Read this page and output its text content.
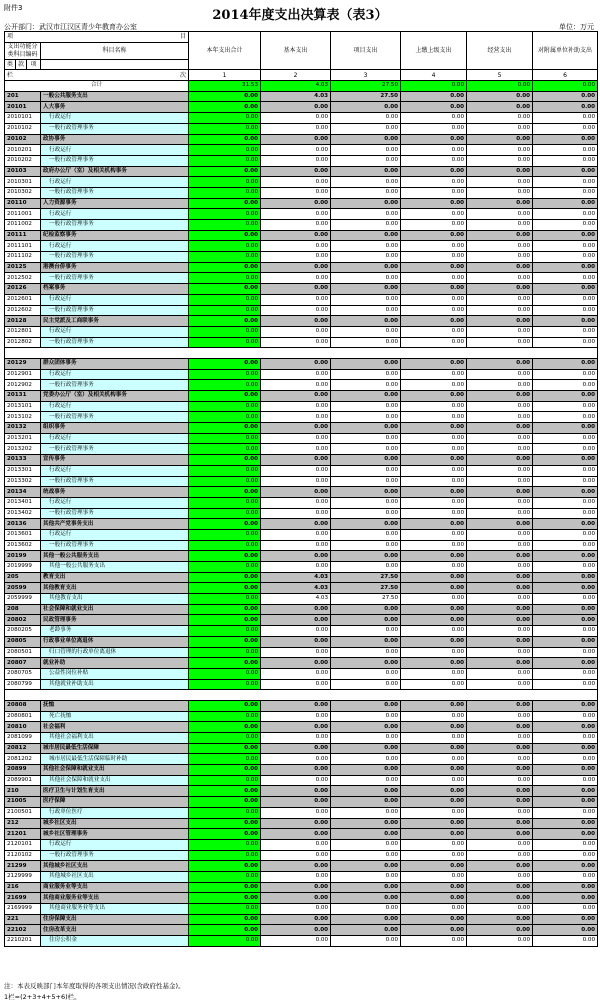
附件3	2014年度支出决算表（表3）
公开部门：武汉市江汉区青少年教育办公室	单位：万元
项 目				本年支出合计	基本支出	项目支出	上缴上级支出	经营支出	对附属单位补助支出
支出功能分类科目编码			科目名称						

类	款	项							
栏 次				1	2	3	4	5	6
合计				31.53	4.03	27.50	0.00	0.00	0.00
201			一般公共服务支出	0.00	4.03	27.50	0.00	0.00	0.00
20101			人大事务	0.00	0.00	0.00	0.00	0.00	0.00
2010101			行政运行	0.00	0.00	0.00	0.00	0.00	0.00
2010102			一般行政管理事务	0.00	0.00	0.00	0.00	0.00	0.00
20102			政协事务	0.00	0.00	0.00	0.00	0.00	0.00
2010201			行政运行	0.00	0.00	0.00	0.00	0.00	0.00
2010202			一般行政管理事务	0.00	0.00	0.00	0.00	0.00	0.00
20103			政府办公厅（室）及相关机构事务	0.00	0.00	0.00	0.00	0.00	0.00
2010301			行政运行	0.00	0.00	0.00	0.00	0.00	0.00
2010302			一般行政管理事务	0.00	0.00	0.00	0.00	0.00	0.00
20110			人力资源事务	0.00	0.00	0.00	0.00	0.00	0.00
2011001			行政运行	0.00	0.00	0.00	0.00	0.00	0.00
2011002			一般行政管理事务	0.00	0.00	0.00	0.00	0.00	0.00
20111			纪检监察事务	0.00	0.00	0.00	0.00	0.00	0.00
2011101			行政运行	0.00	0.00	0.00	0.00	0.00	0.00
2011102			一般行政管理事务	0.00	0.00	0.00	0.00	0.00	0.00
20125			港澳台侨事务	0.00	0.00	0.00	0.00	0.00	0.00
2012502			一般行政管理事务	0.00	0.00	0.00	0.00	0.00	0.00
20126			档案事务	0.00	0.00	0.00	0.00	0.00	0.00
2012601			行政运行	0.00	0.00	0.00	0.00	0.00	0.00
2012602			一般行政管理事务	0.00	0.00	0.00	0.00	0.00	0.00
20128			民主党派及工商联事务	0.00	0.00	0.00	0.00	0.00	0.00
2012801			行政运行	0.00	0.00	0.00	0.00	0.00	0.00
2012802			一般行政管理事务	0.00	0.00	0.00	0.00	0.00	0.00

20129			群众团体事务	0.00	0.00	0.00	0.00	0.00	0.00
2012901			行政运行	0.00	0.00	0.00	0.00	0.00	0.00
2012902			一般行政管理事务	0.00	0.00	0.00	0.00	0.00	0.00
20131			党委办公厅（室）及相关机构事务	0.00	0.00	0.00	0.00	0.00	0.00
2013101			行政运行	0.00	0.00	0.00	0.00	0.00	0.00
2013102			一般行政管理事务	0.00	0.00	0.00	0.00	0.00	0.00
20132			组织事务	0.00	0.00	0.00	0.00	0.00	0.00
2013201			行政运行	0.00	0.00	0.00	0.00	0.00	0.00
2013202			一般行政管理事务	0.00	0.00	0.00	0.00	0.00	0.00
20133			宣传事务	0.00	0.00	0.00	0.00	0.00	0.00
2013301			行政运行	0.00	0.00	0.00	0.00	0.00	0.00
2013302			一般行政管理事务	0.00	0.00	0.00	0.00	0.00	0.00
20134			统战事务	0.00	0.00	0.00	0.00	0.00	0.00
2013401			行政运行	0.00	0.00	0.00	0.00	0.00	0.00
2013402			一般行政管理事务	0.00	0.00	0.00	0.00	0.00	0.00
20136			其他共产党事务支出	0.00	0.00	0.00	0.00	0.00	0.00
2013601			行政运行	0.00	0.00	0.00	0.00	0.00	0.00
2013602			一般行政管理事务	0.00	0.00	0.00	0.00	0.00	0.00
20199			其他一般公共服务支出	0.00	0.00	0.00	0.00	0.00	0.00
2019999			其他一般公共服务支出	0.00	0.00	0.00	0.00	0.00	0.00
205			教育支出	0.00	4.03	27.50	0.00	0.00	0.00
20599			其他教育支出	0.00	4.03	27.50	0.00	0.00	0.00
2059999			其他教育支出	0.00	4.03	27.50	0.00	0.00	0.00
208			社会保障和就业支出	0.00	0.00	0.00	0.00	0.00	0.00
20802			民政管理事务	0.00	0.00	0.00	0.00	0.00	0.00
2080205			老龄事务	0.00	0.00	0.00	0.00	0.00	0.00
20805			行政事业单位离退休	0.00	0.00	0.00	0.00	0.00	0.00
2080501			归口管理的行政单位离退休	0.00	0.00	0.00	0.00	0.00	0.00
20807			就业补助	0.00	0.00	0.00	0.00	0.00	0.00
2080705			公益性岗位补贴	0.00	0.00	0.00	0.00	0.00	0.00
2080799			其他就业补助支出	0.00	0.00	0.00	0.00	0.00	0.00

20808			抚恤	0.00	0.00	0.00	0.00	0.00	0.00
2080801			死亡抚恤	0.00	0.00	0.00	0.00	0.00	0.00
20810			社会福利	0.00	0.00	0.00	0.00	0.00	0.00
2081099			其他社会福利支出	0.00	0.00	0.00	0.00	0.00	0.00
20812			城市居民最低生活保障	0.00	0.00	0.00	0.00	0.00	0.00
2081202			城市居民最低生活保障临时补助	0.00	0.00	0.00	0.00	0.00	0.00
20899			其他社会保障和就业支出	0.00	0.00	0.00	0.00	0.00	0.00
2089901			其他社会保障和就业支出	0.00	0.00	0.00	0.00	0.00	0.00
210			医疗卫生与计划生育支出	0.00	0.00	0.00	0.00	0.00	0.00
21005			医疗保障	0.00	0.00	0.00	0.00	0.00	0.00
2100501			行政单位医疗	0.00	0.00	0.00	0.00	0.00	0.00
212			城乡社区支出	0.00	0.00	0.00	0.00	0.00	0.00
21201			城乡社区管理事务	0.00	0.00	0.00	0.00	0.00	0.00
2120101			行政运行	0.00	0.00	0.00	0.00	0.00	0.00
2120102			一般行政管理事务	0.00	0.00	0.00	0.00	0.00	0.00
21299			其他城乡社区支出	0.00	0.00	0.00	0.00	0.00	0.00
2129999			其他城乡社区支出	0.00	0.00	0.00	0.00	0.00	0.00
216			商业服务业等支出	0.00	0.00	0.00	0.00	0.00	0.00
21699			其他商业服务业等支出	0.00	0.00	0.00	0.00	0.00	0.00
2169999			其他商业服务业等支出	0.00	0.00	0.00	0.00	0.00	0.00
221			住房保障支出	0.00	0.00	0.00	0.00	0.00	0.00
22102			住房改革支出	0.00	0.00	0.00	0.00	0.00	0.00
2210201			住房公积金	0.00	0.00	0.00	0.00	0.00	0.00
注：本表反映部门本年度取得的各项支出情况(含政府性基金)。
1栏=(2+3+4+5+6)栏。
